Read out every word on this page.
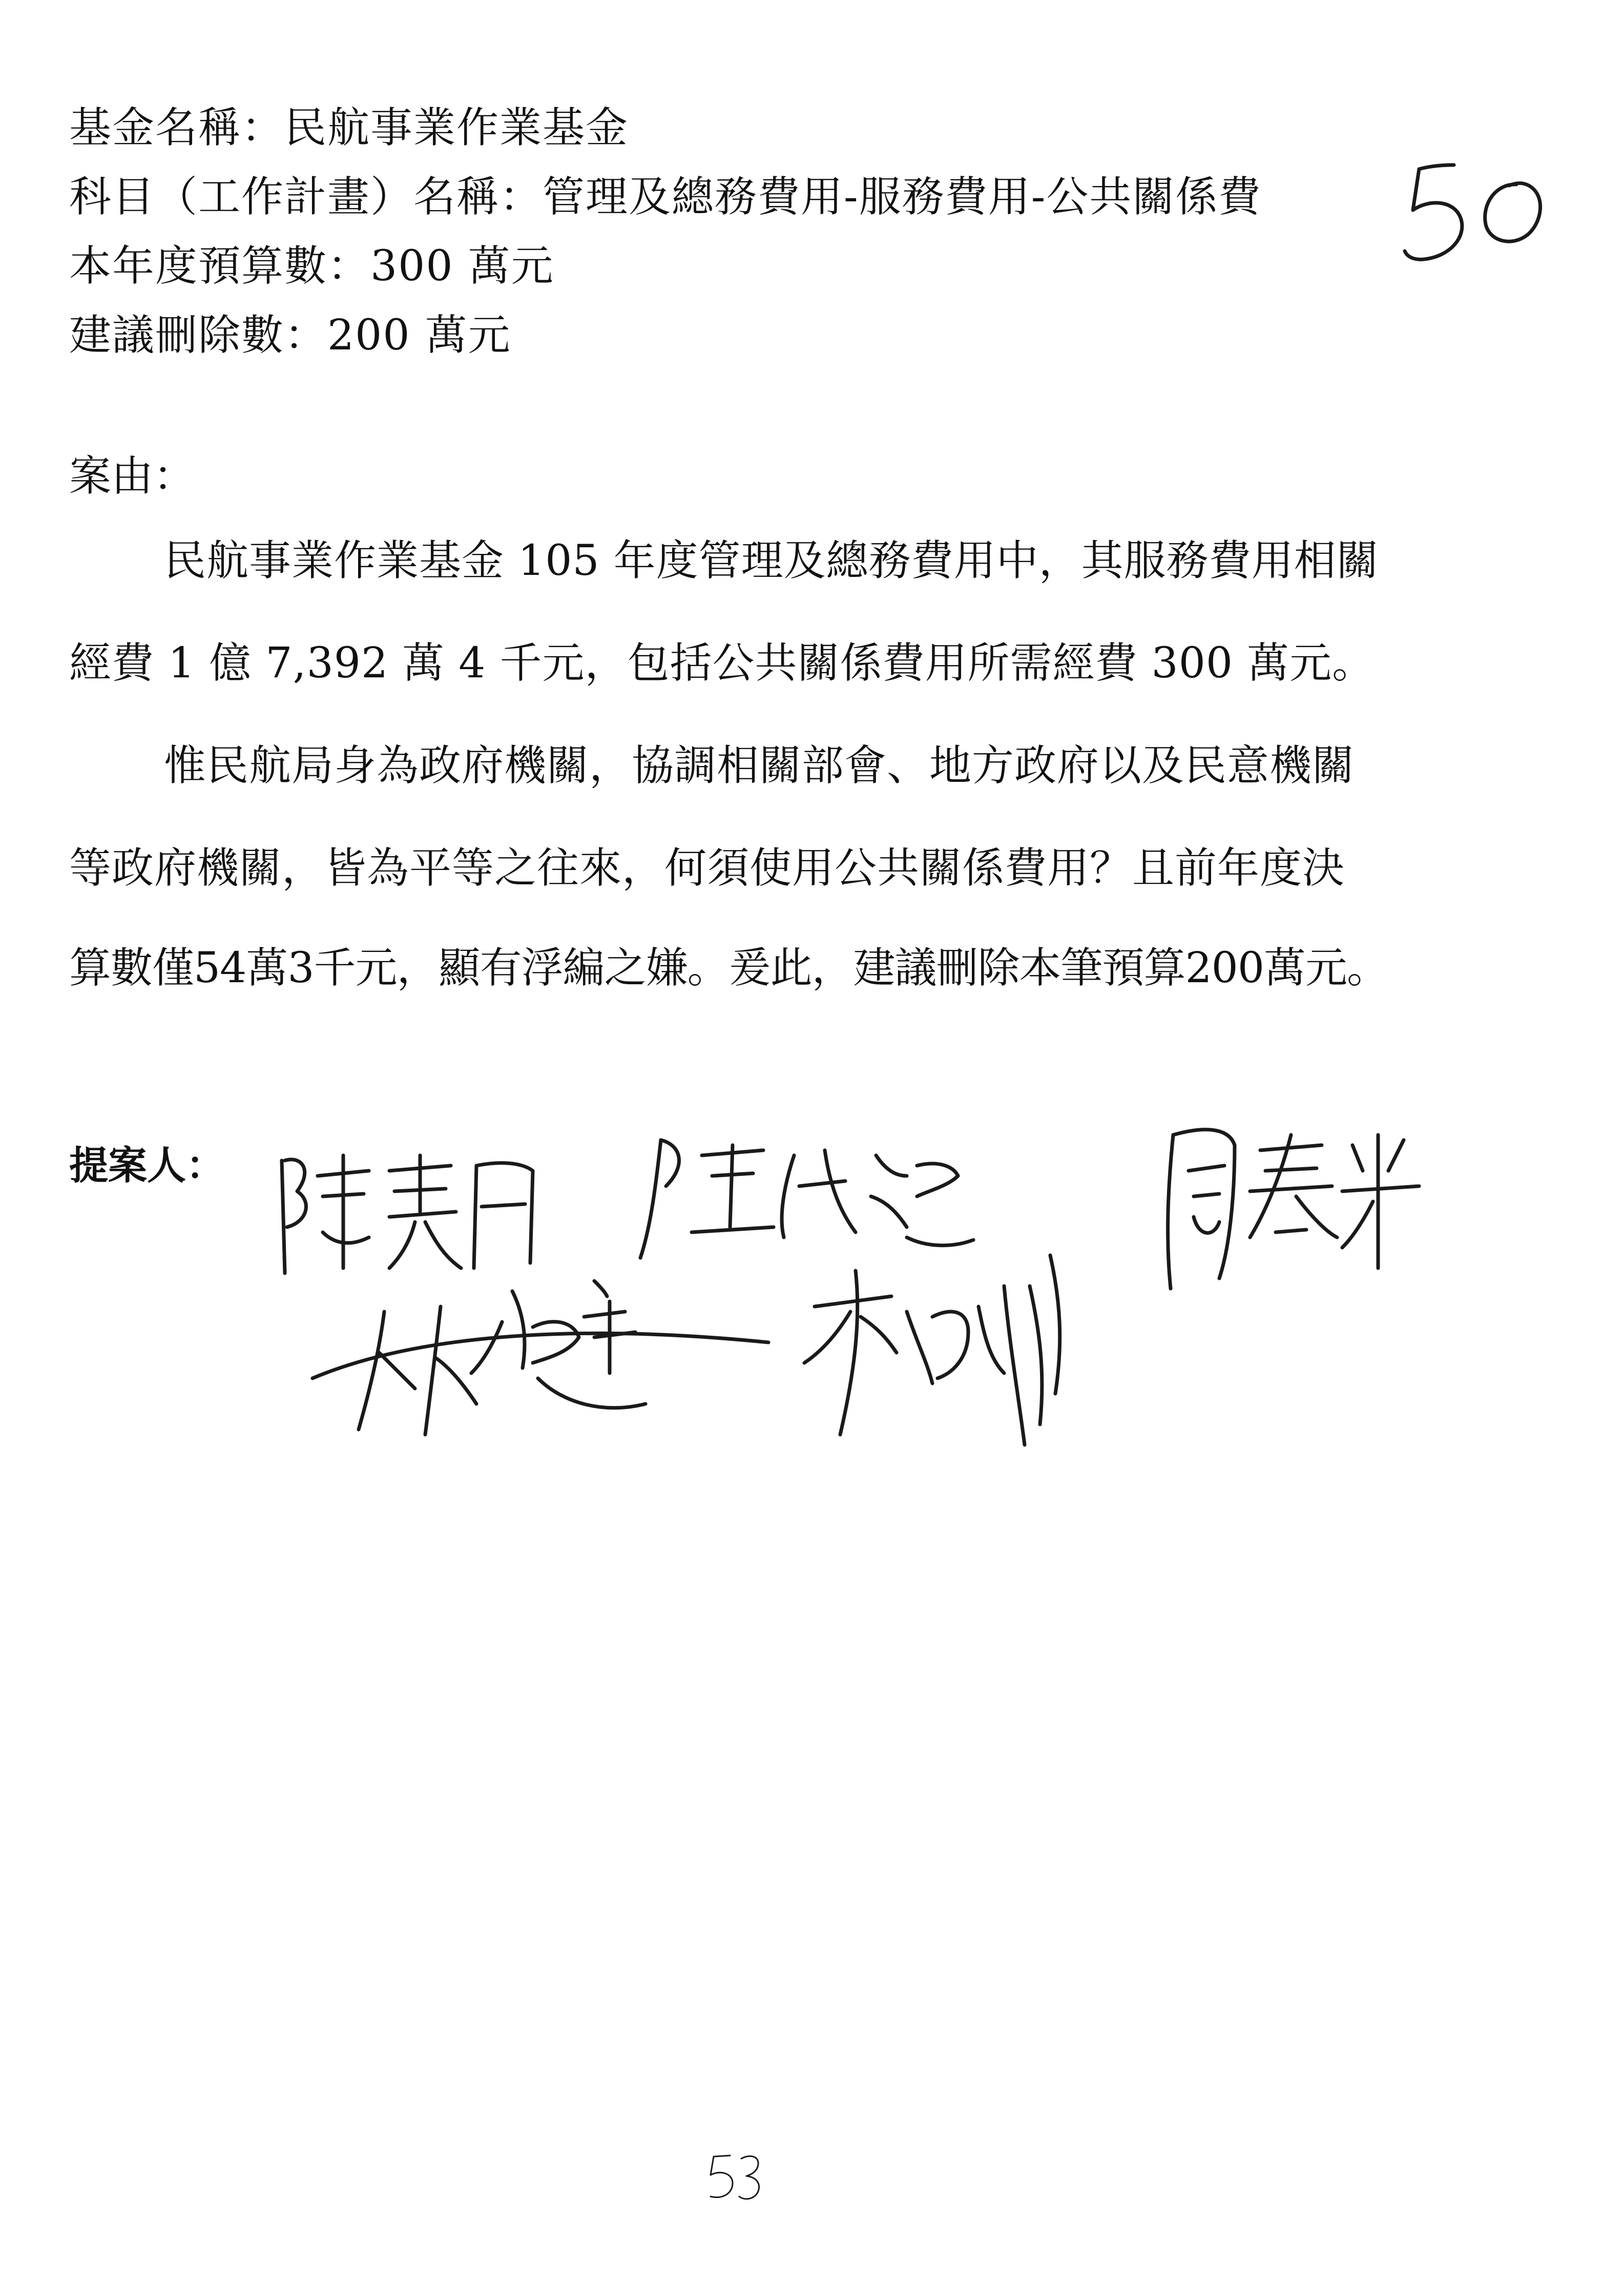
基金名稱：民航事業作業基金
科目（工作計畫）名稱：管理及總務費用-服務費用-公共關係費
本年度預算數：300 萬元
建議刪除數：200 萬元
案由：
民航事業作業基金 105 年度管理及總務費用中，其服務費用相關
經費 1 億 7,392 萬 4 千元，包括公共關係費用所需經費 300 萬元。
惟民航局身為政府機關，協調相關部會、地方政府以及民意機關
等政府機關，皆為平等之往來，何須使用公共關係費用？且前年度決
算數僅54萬3千元，顯有浮編之嫌。爰此，建議刪除本筆預算200萬元。
提案人：
